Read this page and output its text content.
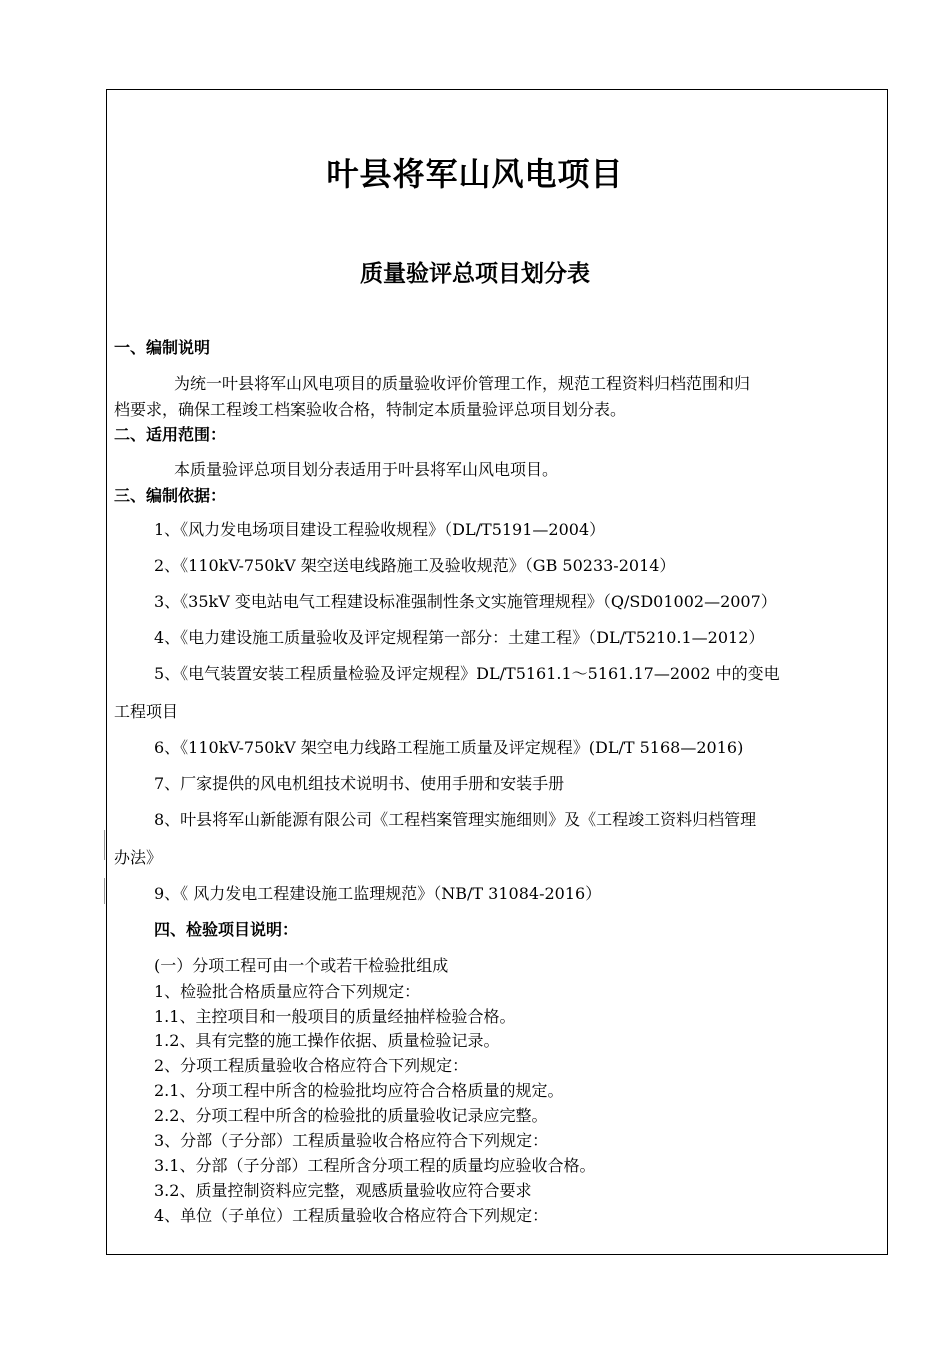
叶县将军山风电项目
质量验评总项目划分表
一、编制说明
为统一叶县将军山风电项目的质量验收评价管理工作，规范工程资料归档范围和归
档要求，确保工程竣工档案验收合格，特制定本质量验评总项目划分表。
二、适用范围：
本质量验评总项目划分表适用于叶县将军山风电项目。
三、编制依据：
1、《风力发电场项目建设工程验收规程》（DL/T5191—2004）
2、《110kV-750kV 架空送电线路施工及验收规范》（GB 50233-2014）
3、《35kV 变电站电气工程建设标准强制性条文实施管理规程》（Q/SD01002—2007）
4、《电力建设施工质量验收及评定规程第一部分：土建工程》（DL/T5210.1—2012）
5、《电气装置安装工程质量检验及评定规程》DL/T5161.1～5161.17—2002 中的变电
工程项目
6、《110kV-750kV 架空电力线路工程施工质量及评定规程》(DL/T 5168—2016)
7、厂家提供的风电机组技术说明书、使用手册和安装手册
8、叶县将军山新能源有限公司《工程档案管理实施细则》及《工程竣工资料归档管理
办法》
9、《 风力发电工程建设施工监理规范》（NB/T 31084-2016）
四、检验项目说明：
(一）分项工程可由一个或若干检验批组成
1、检验批合格质量应符合下列规定：
1.1、主控项目和一般项目的质量经抽样检验合格。
1.2、具有完整的施工操作依据、质量检验记录。
2、分项工程质量验收合格应符合下列规定：
2.1、分项工程中所含的检验批均应符合合格质量的规定。
2.2、分项工程中所含的检验批的质量验收记录应完整。
3、分部（子分部）工程质量验收合格应符合下列规定：
3.1、分部（子分部）工程所含分项工程的质量均应验收合格。
3.2、质量控制资料应完整，观感质量验收应符合要求
4、单位（子单位）工程质量验收合格应符合下列规定：
